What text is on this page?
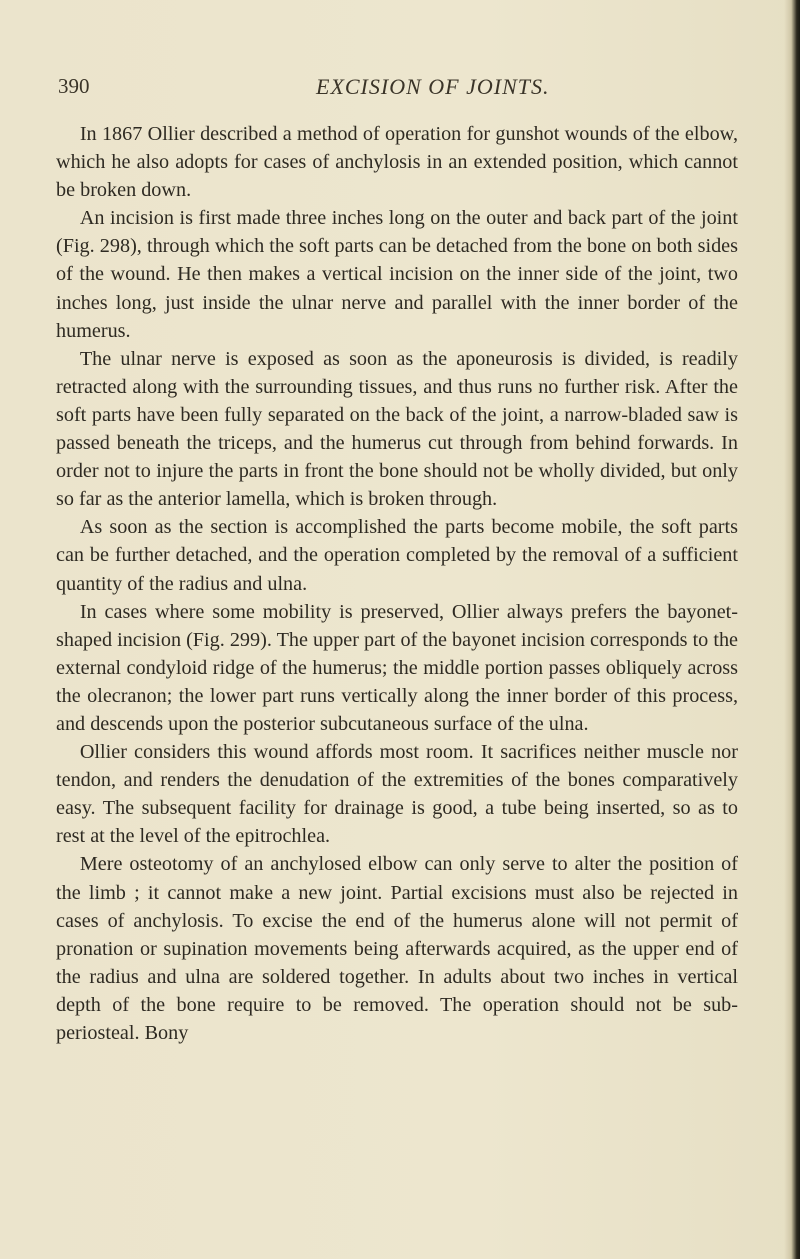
390	EXCISION OF JOINTS.

In 1867 Ollier described a method of operation for gunshot wounds of the elbow, which he also adopts for cases of anchylosis in an extended position, which cannot be broken down.

An incision is first made three inches long on the outer and back part of the joint (Fig. 298), through which the soft parts can be detached from the bone on both sides of the wound. He then makes a vertical incision on the inner side of the joint, two inches long, just inside the ulnar nerve and parallel with the inner border of the humerus.

The ulnar nerve is exposed as soon as the aponeurosis is divided, is readily retracted along with the surrounding tissues, and thus runs no further risk. After the soft parts have been fully separated on the back of the joint, a narrow-bladed saw is passed beneath the triceps, and the humerus cut through from behind forwards. In order not to injure the parts in front the bone should not be wholly divided, but only so far as the anterior lamella, which is broken through.

As soon as the section is accomplished the parts become mobile, the soft parts can be further detached, and the operation completed by the removal of a sufficient quantity of the radius and ulna.

In cases where some mobility is preserved, Ollier always prefers the bayonet-shaped incision (Fig. 299). The upper part of the bayonet incision corresponds to the external condyloid ridge of the humerus; the middle portion passes obliquely across the olecranon; the lower part runs vertically along the inner border of this process, and descends upon the posterior subcutaneous surface of the ulna.

Ollier considers this wound affords most room. It sacrifices neither muscle nor tendon, and renders the denudation of the extremities of the bones comparatively easy. The subsequent facility for drainage is good, a tube being inserted, so as to rest at the level of the epitrochlea.

Mere osteotomy of an anchylosed elbow can only serve to alter the position of the limb ; it cannot make a new joint. Partial excisions must also be rejected in cases of anchylosis. To excise the end of the humerus alone will not permit of pronation or supination movements being afterwards acquired, as the upper end of the radius and ulna are soldered together. In adults about two inches in vertical depth of the bone require to be removed. The operation should not be sub-periosteal. Bony
